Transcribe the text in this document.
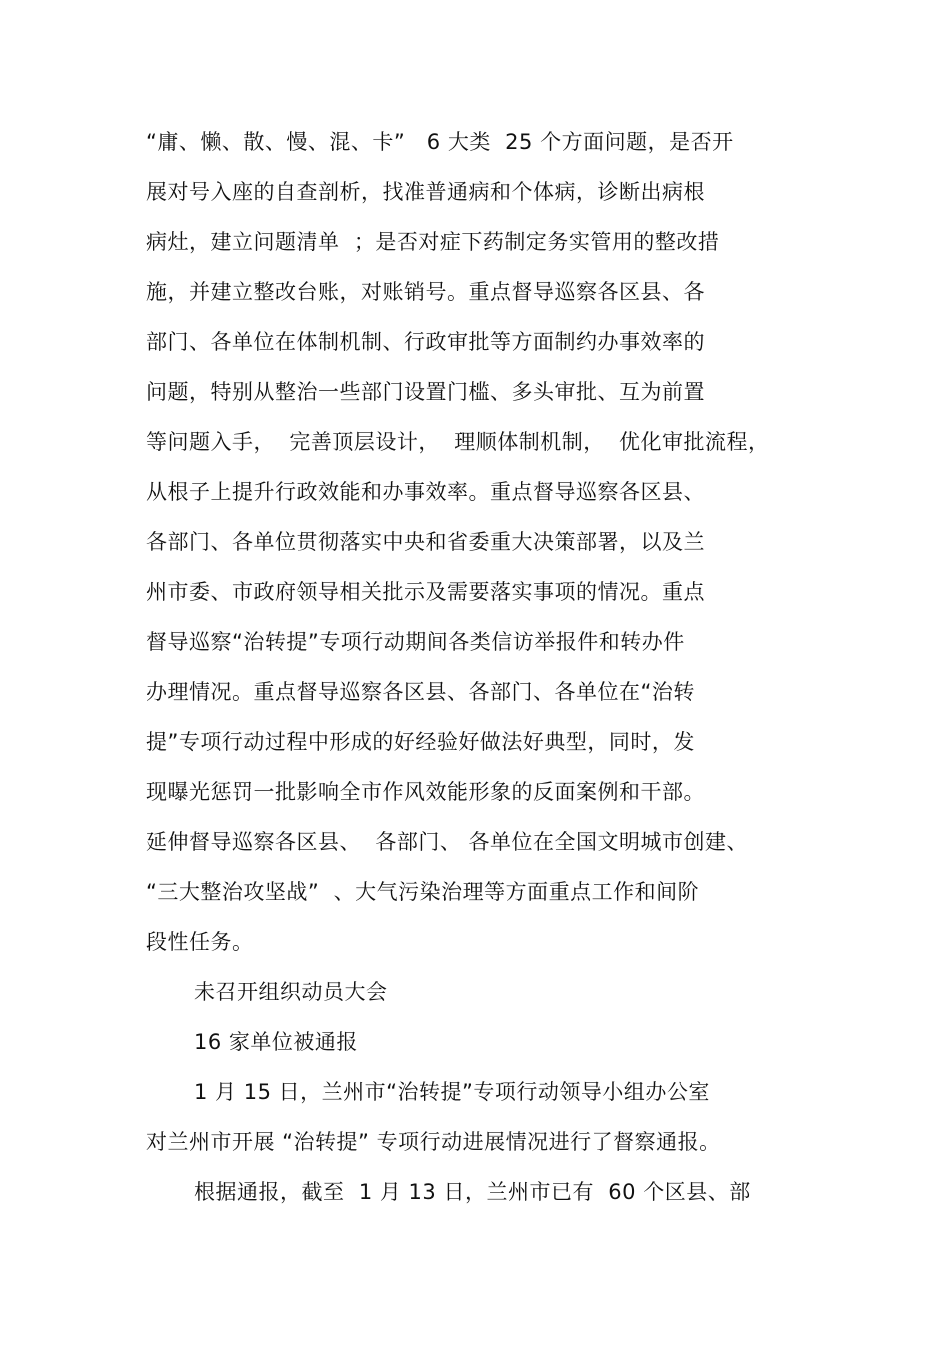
“庸、懒、散、慢、混、卡”   6 大类  25 个方面问题，是否开
展对号入座的自查剖析，找准普通病和个体病，诊断出病根
病灶，建立问题清单  ；是否对症下药制定务实管用的整改措
施，并建立整改台账，对账销号。重点督导巡察各区县、各
部门、各单位在体制机制、行政审批等方面制约办事效率的
问题，特别从整治一些部门设置门槛、多头审批、互为前置
等问题入手，  完善顶层设计，  理顺体制机制，  优化审批流程，
从根子上提升行政效能和办事效率。重点督导巡察各区县、
各部门、各单位贯彻落实中央和省委重大决策部署，以及兰
州市委、市政府领导相关批示及需要落实事项的情况。重点
督导巡察“治转提”专项行动期间各类信访举报件和转办件
办理情况。重点督导巡察各区县、各部门、各单位在“治转
提”专项行动过程中形成的好经验好做法好典型，同时，发
现曝光惩罚一批影响全市作风效能形象的反面案例和干部。
延伸督导巡察各区县、  各部门、 各单位在全国文明城市创建、
“三大整治攻坚战”  、大气污染治理等方面重点工作和间阶
段性任务。
未召开组织动员大会
16 家单位被通报
1 月 15 日，兰州市“治转提”专项行动领导小组办公室
对兰州市开展 “治转提” 专项行动进展情况进行了督察通报。
根据通报，截至  1 月 13 日，兰州市已有  60 个区县、部
